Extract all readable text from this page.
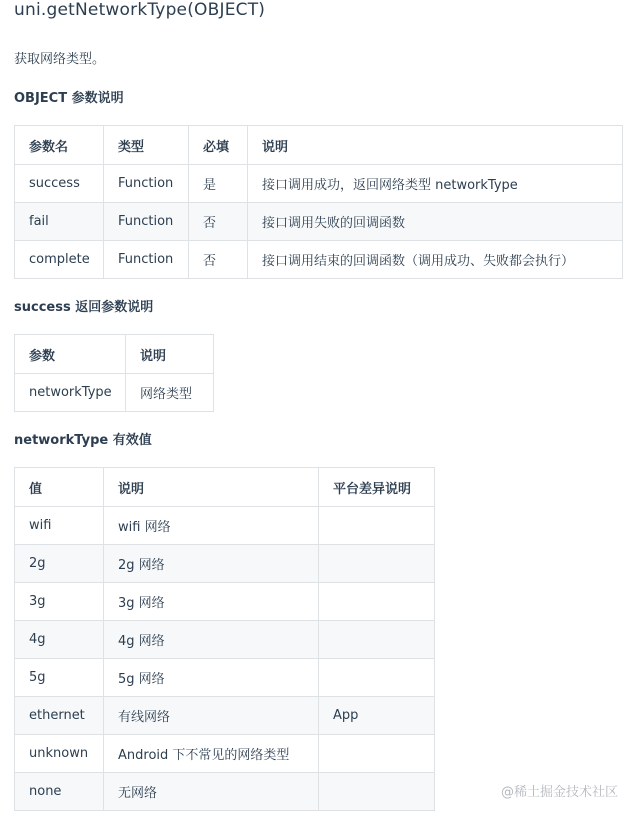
uni.getNetworkType(OBJECT)

获取网络类型。

OBJECT 参数说明
参数名	类型	必填	说明
success	Function	是	接口调用成功，返回网络类型 networkType
fail	Function	否	接口调用失败的回调函数
complete	Function	否	接口调用结束的回调函数（调用成功、失败都会执行）
success 返回参数说明
参数	说明
networkType	网络类型
networkType 有效值
值	说明	平台差异说明
wifi	wifi 网络	
2g	2g 网络	
3g	3g 网络	
4g	4g 网络	
5g	5g 网络	
ethernet	有线网络	App
unknown	Android 下不常见的网络类型	
none	无网络		@稀土掘金技术社区
